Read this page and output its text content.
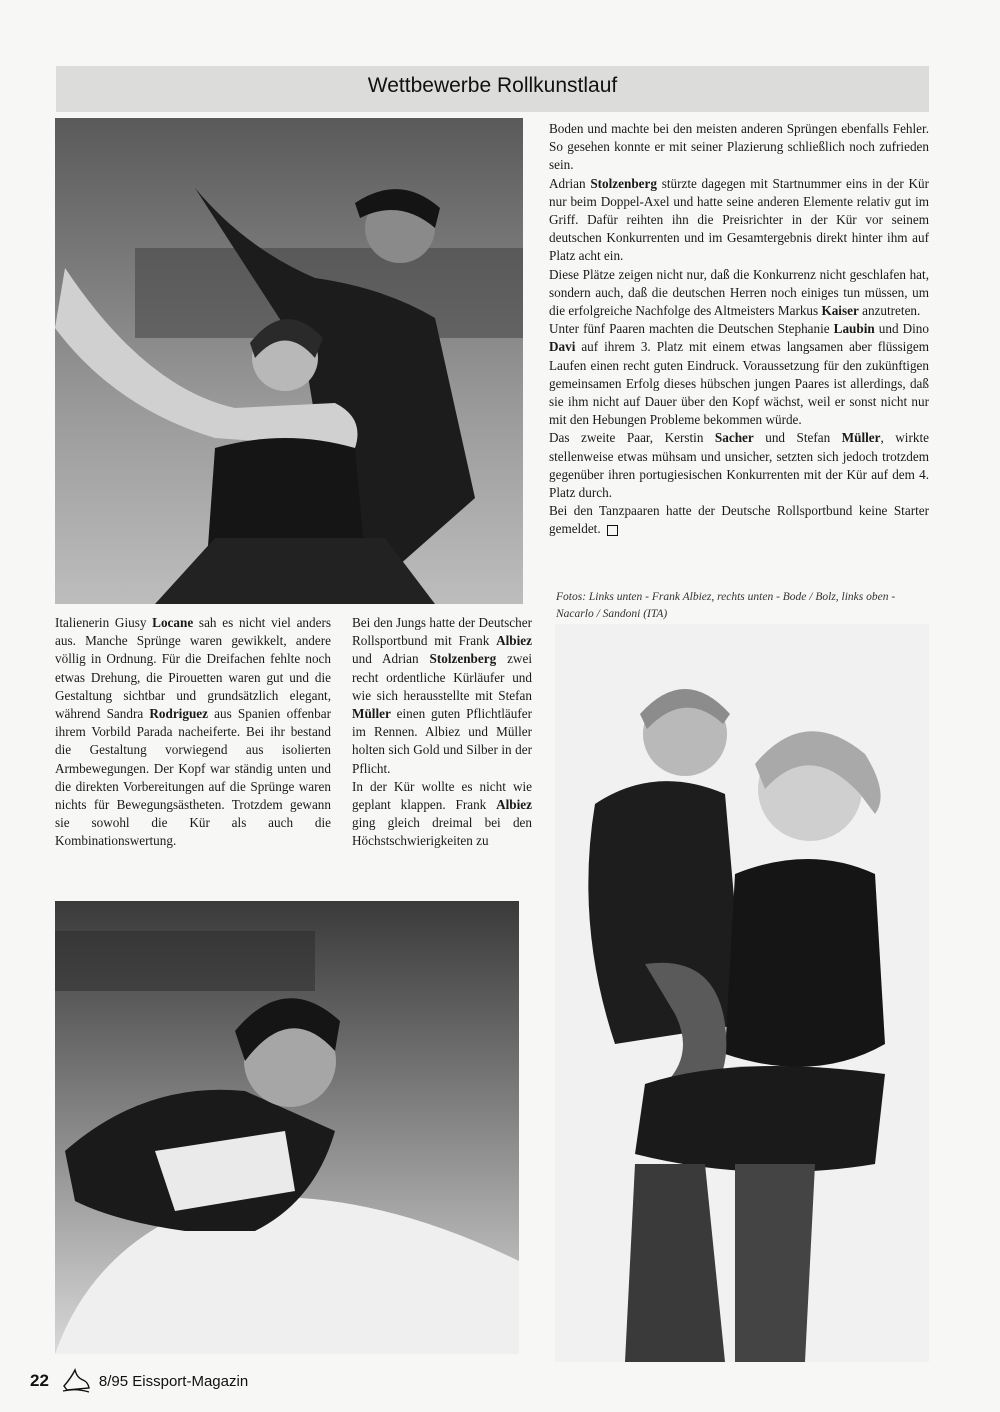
Wettbewerbe Rollkunstlauf

Italienerin Giusy Locane sah es nicht viel anders aus. Manche Sprünge waren gewikkelt, andere völlig in Ordnung. Für die Dreifachen fehlte noch etwas Drehung, die Pirouetten waren gut und die Gestaltung sichtbar und grundsätzlich elegant, während Sandra Rodriguez aus Spanien offenbar ihrem Vorbild Parada nacheiferte. Bei ihr bestand die Gestaltung vorwiegend aus isolierten Armbewegungen. Der Kopf war ständig unten und die direkten Vorbereitungen auf die Sprünge waren nichts für Bewegungsästheten. Trotzdem gewann sie sowohl die Kür als auch die Kombinationswertung.

Bei den Jungs hatte der Deutscher Rollsportbund mit Frank Albiez und Adrian Stolzenberg zwei recht ordentliche Kürläufer und wie sich herausstellte mit Stefan Müller einen guten Pflichtläufer im Rennen. Albiez und Müller holten sich Gold und Silber in der Pflicht.

In der Kür wollte es nicht wie geplant klappen. Frank Albiez ging gleich dreimal bei den Höchstschwierigkeiten zu

Boden und machte bei den meisten anderen Sprüngen ebenfalls Fehler. So gesehen konnte er mit seiner Plazierung schließlich noch zufrieden sein.

Adrian Stolzenberg stürzte dagegen mit Startnummer eins in der Kür nur beim Doppel-Axel und hatte seine anderen Elemente relativ gut im Griff. Dafür reihten ihn die Preisrichter in der Kür vor seinem deutschen Konkurrenten und im Gesamtergebnis direkt hinter ihm auf Platz acht ein.

Diese Plätze zeigen nicht nur, daß die Konkurrenz nicht geschlafen hat, sondern auch, daß die deutschen Herren noch einiges tun müssen, um die erfolgreiche Nachfolge des Altmeisters Markus Kaiser anzutreten.

Unter fünf Paaren machten die Deutschen Stephanie Laubin und Dino Davi auf ihrem 3. Platz mit einem etwas langsamen aber flüssigem Laufen einen recht guten Eindruck. Voraussetzung für den zukünftigen gemeinsamen Erfolg dieses hübschen jungen Paares ist allerdings, daß sie ihm nicht auf Dauer über den Kopf wächst, weil er sonst nicht nur mit den Hebungen Probleme bekommen würde.

Das zweite Paar, Kerstin Sacher und Stefan Müller, wirkte stellenweise etwas mühsam und unsicher, setzten sich jedoch trotzdem gegenüber ihren portugiesischen Konkurrenten mit der Kür auf dem 4. Platz durch.

Bei den Tanzpaaren hatte der Deutsche Rollsportbund keine Starter gemeldet.

Fotos: Links unten - Frank Albiez, rechts unten - Bode / Bolz, links oben - Nacarlo / Sandoni (ITA)
22	8/95 Eissport-Magazin
